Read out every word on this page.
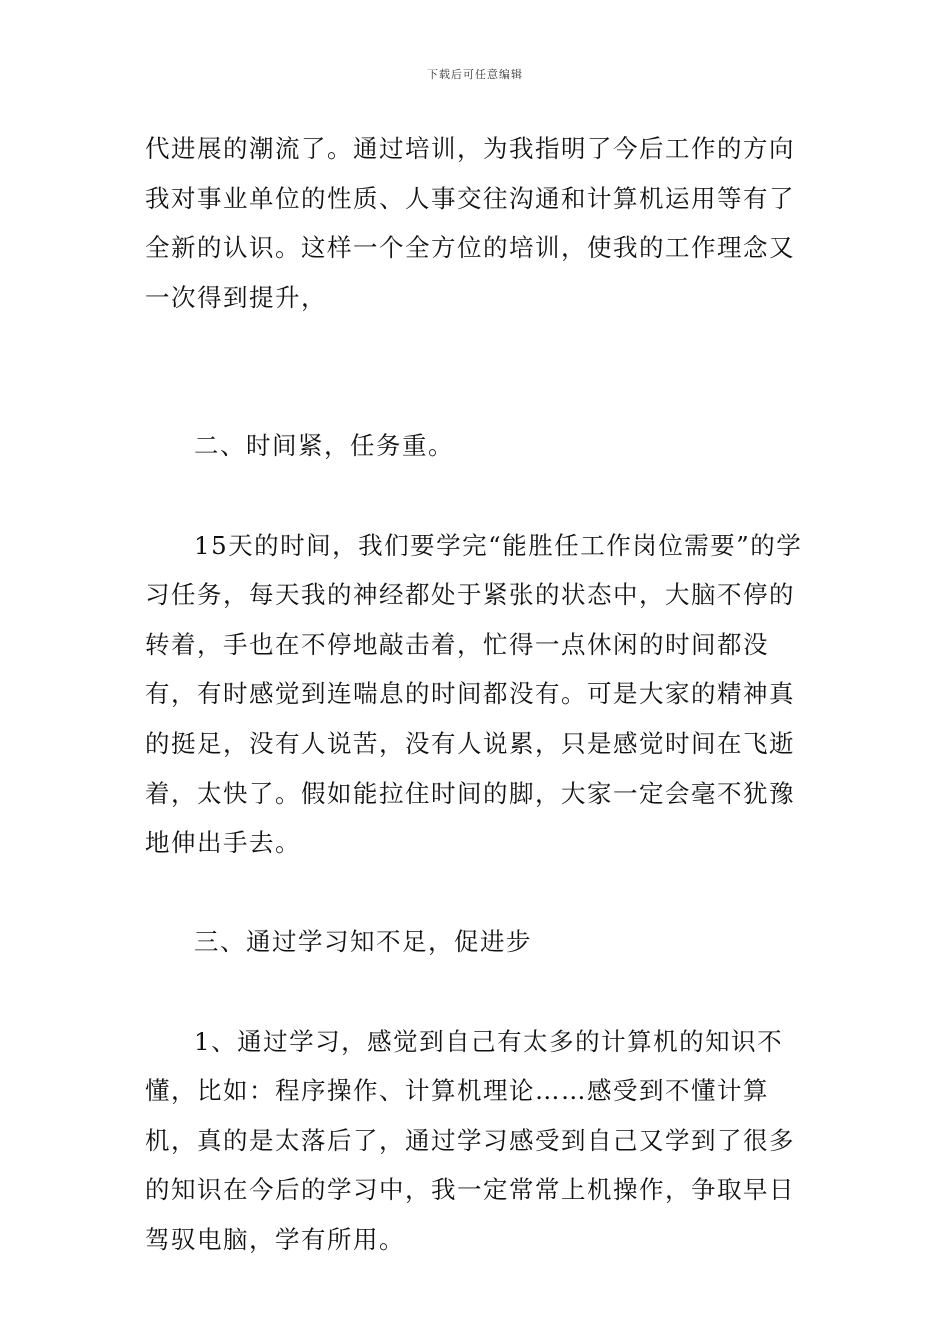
下载后可任意编辑

代进展的潮流了。通过培训，为我指明了今后工作的方向我对事业单位的性质、人事交往沟通和计算机运用等有了全新的认识。这样一个全方位的培训，使我的工作理念又一次得到提升，

二、时间紧，任务重。

15天的时间，我们要学完“能胜任工作岗位需要”的学习任务，每天我的神经都处于紧张的状态中，大脑不停的转着，手也在不停地敲击着，忙得一点休闲的时间都没有，有时感觉到连喘息的时间都没有。可是大家的精神真的挺足，没有人说苦，没有人说累，只是感觉时间在飞逝着，太快了。假如能拉住时间的脚，大家一定会毫不犹豫地伸出手去。

三、通过学习知不足，促进步

1、通过学习，感觉到自己有太多的计算机的知识不懂，比如：程序操作、计算机理论……感受到不懂计算机，真的是太落后了，通过学习感受到自己又学到了很多的知识在今后的学习中，我一定常常上机操作，争取早日驾驭电脑，学有所用。
